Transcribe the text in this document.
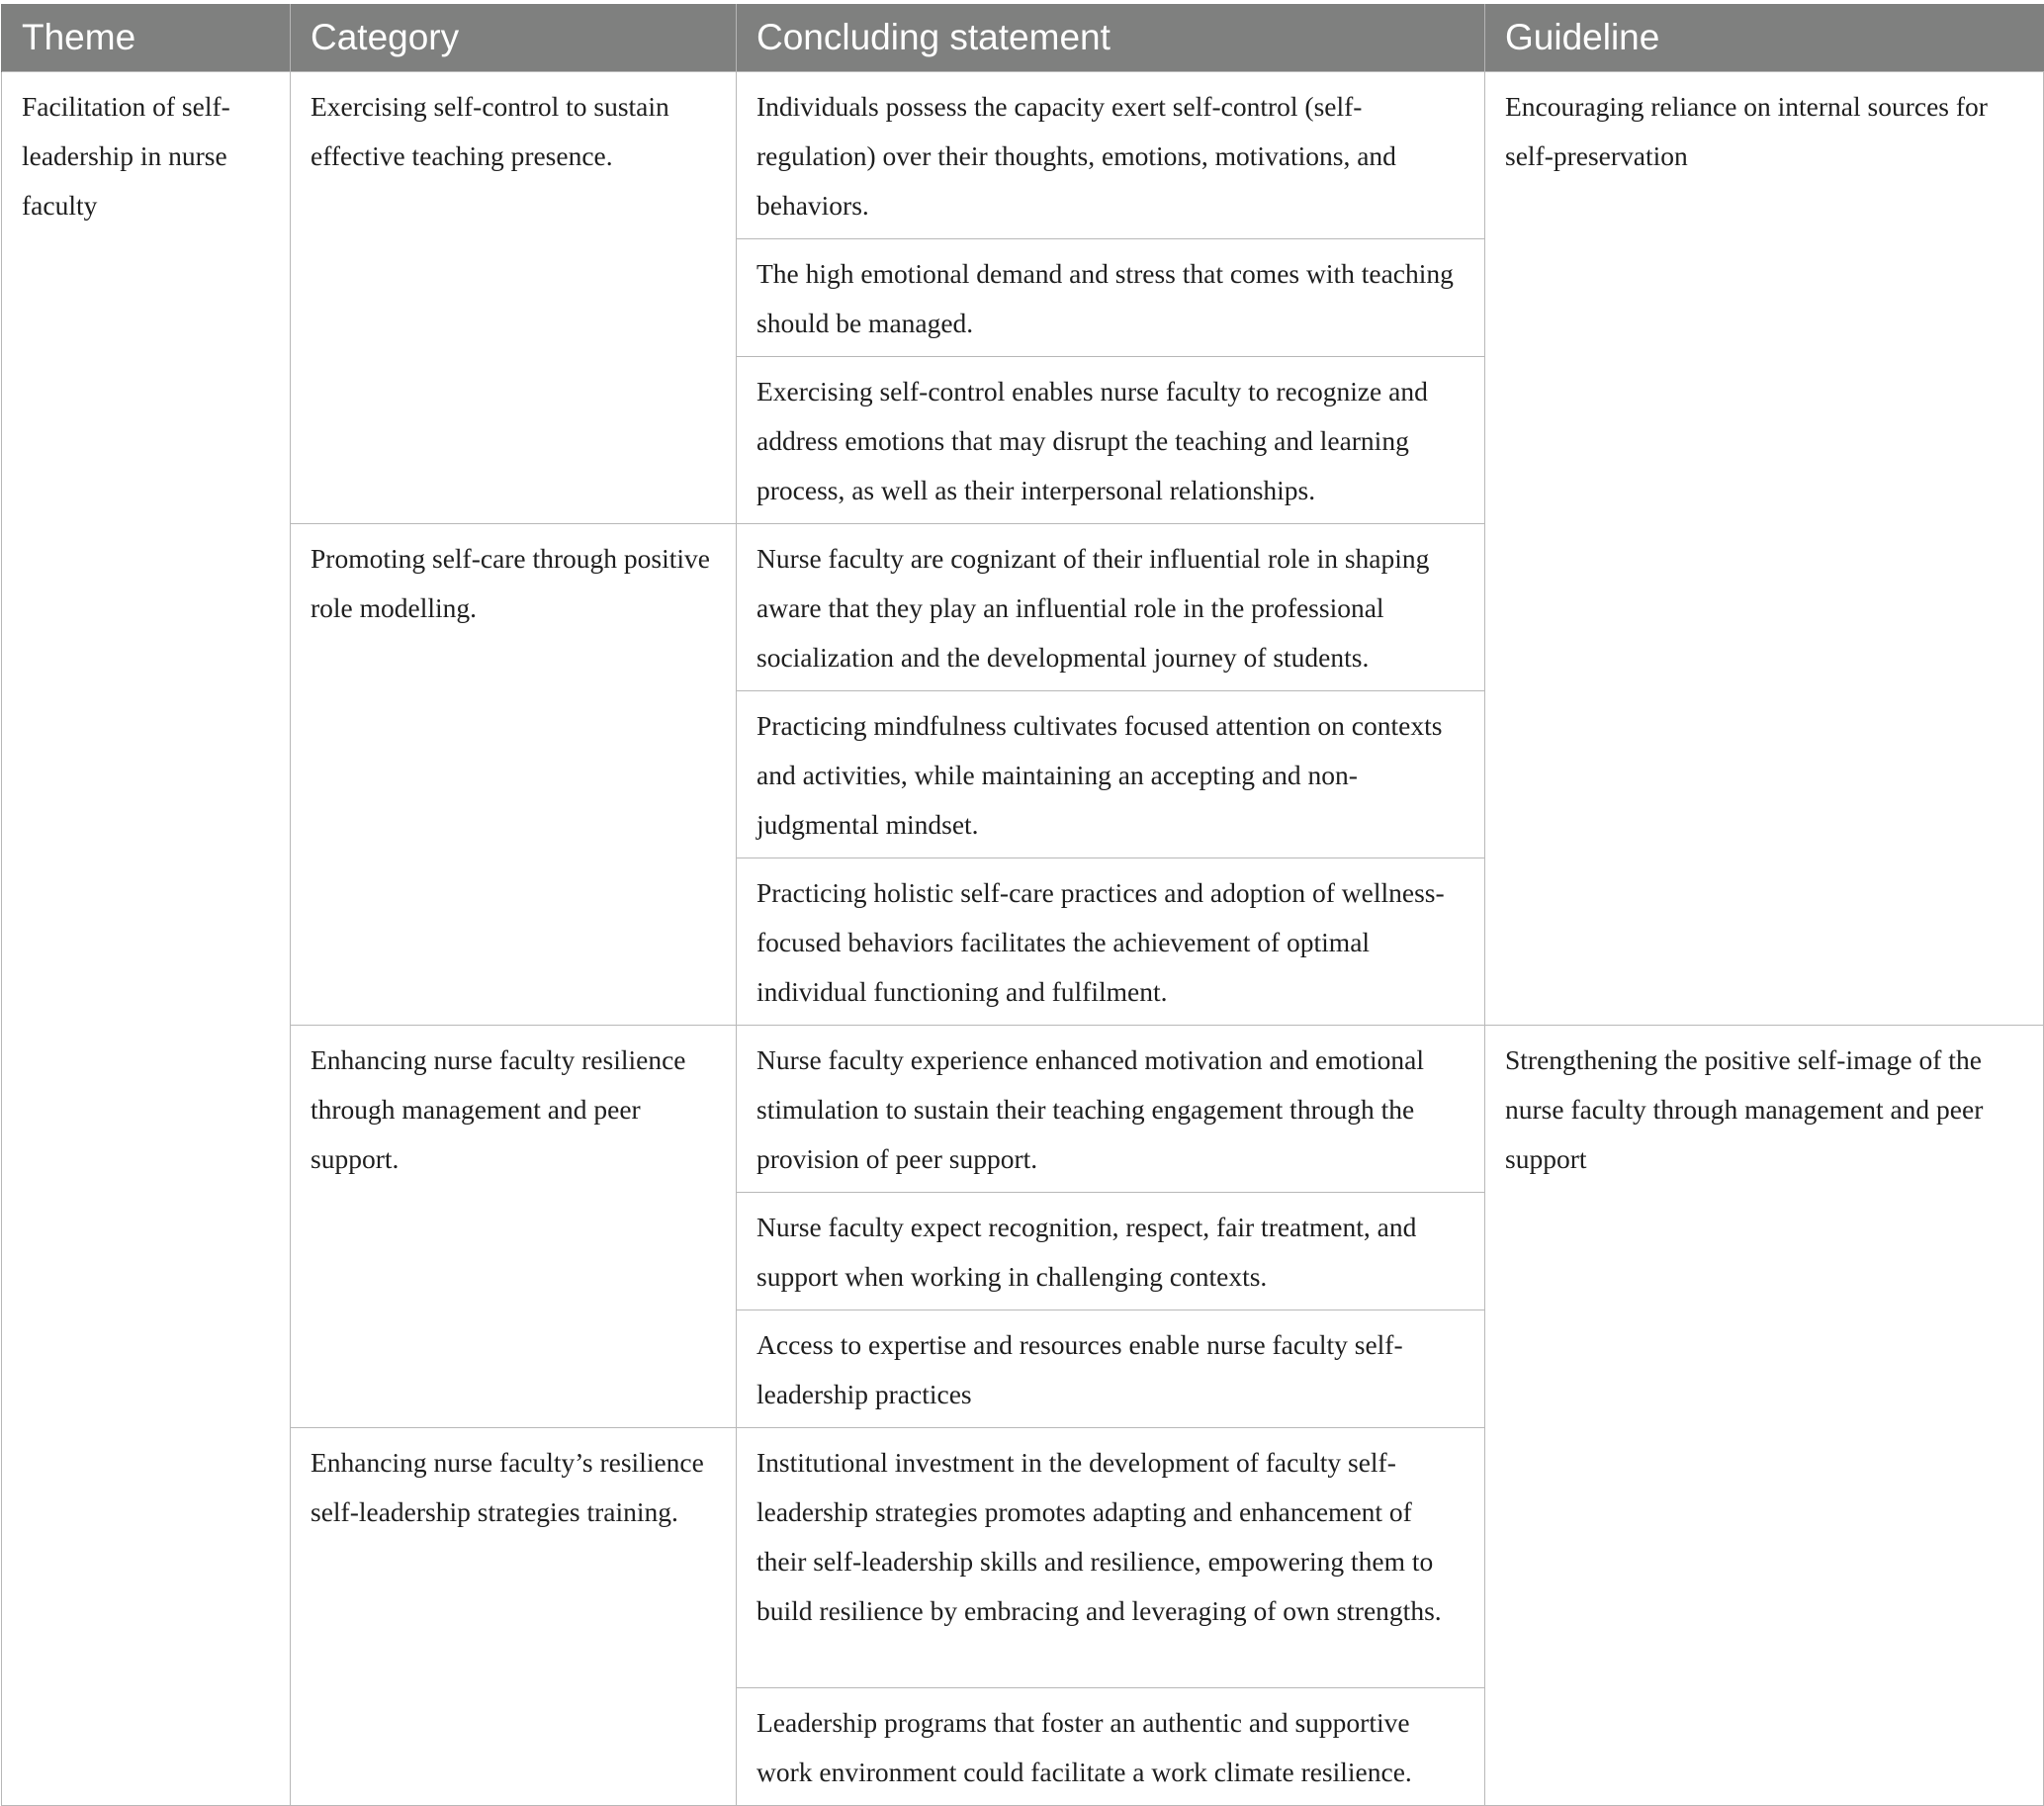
Theme	Category	Concluding statement	Guideline
Facilitation of self-leadership in nurse faculty	Exercising self-control to sustain effective teaching presence.	Individuals possess the capacity exert self-control (self-regulation) over their thoughts, emotions, motivations, and behaviors.	Encouraging reliance on internal sources for self-preservation
		The high emotional demand and stress that comes with teaching should be managed.	
		Exercising self-control enables nurse faculty to recognize and address emotions that may disrupt the teaching and learning process, as well as their interpersonal relationships.	
	Promoting self-care through positive role modelling.	Nurse faculty are cognizant of their influential role in shaping aware that they play an influential role in the professional socialization and the developmental journey of students.	
		Practicing mindfulness cultivates focused attention on contexts and activities, while maintaining an accepting and non-judgmental mindset.	
		Practicing holistic self-care practices and adoption of wellness-focused behaviors facilitates the achievement of optimal individual functioning and fulfilment.	
	Enhancing nurse faculty resilience through management and peer support.	Nurse faculty experience enhanced motivation and emotional stimulation to sustain their teaching engagement through the provision of peer support.	Strengthening the positive self-image of the nurse faculty through management and peer support
		Nurse faculty expect recognition, respect, fair treatment, and support when working in challenging contexts.	
		Access to expertise and resources enable nurse faculty self-leadership practices	
	Enhancing nurse faculty’s resilience self-leadership strategies training.	Institutional investment in the development of faculty self-leadership strategies promotes adapting and enhancement of their self-leadership skills and resilience, empowering them to build resilience by embracing and leveraging of own strengths.	
		Leadership programs that foster an authentic and supportive work environment could facilitate a work climate resilience.	
